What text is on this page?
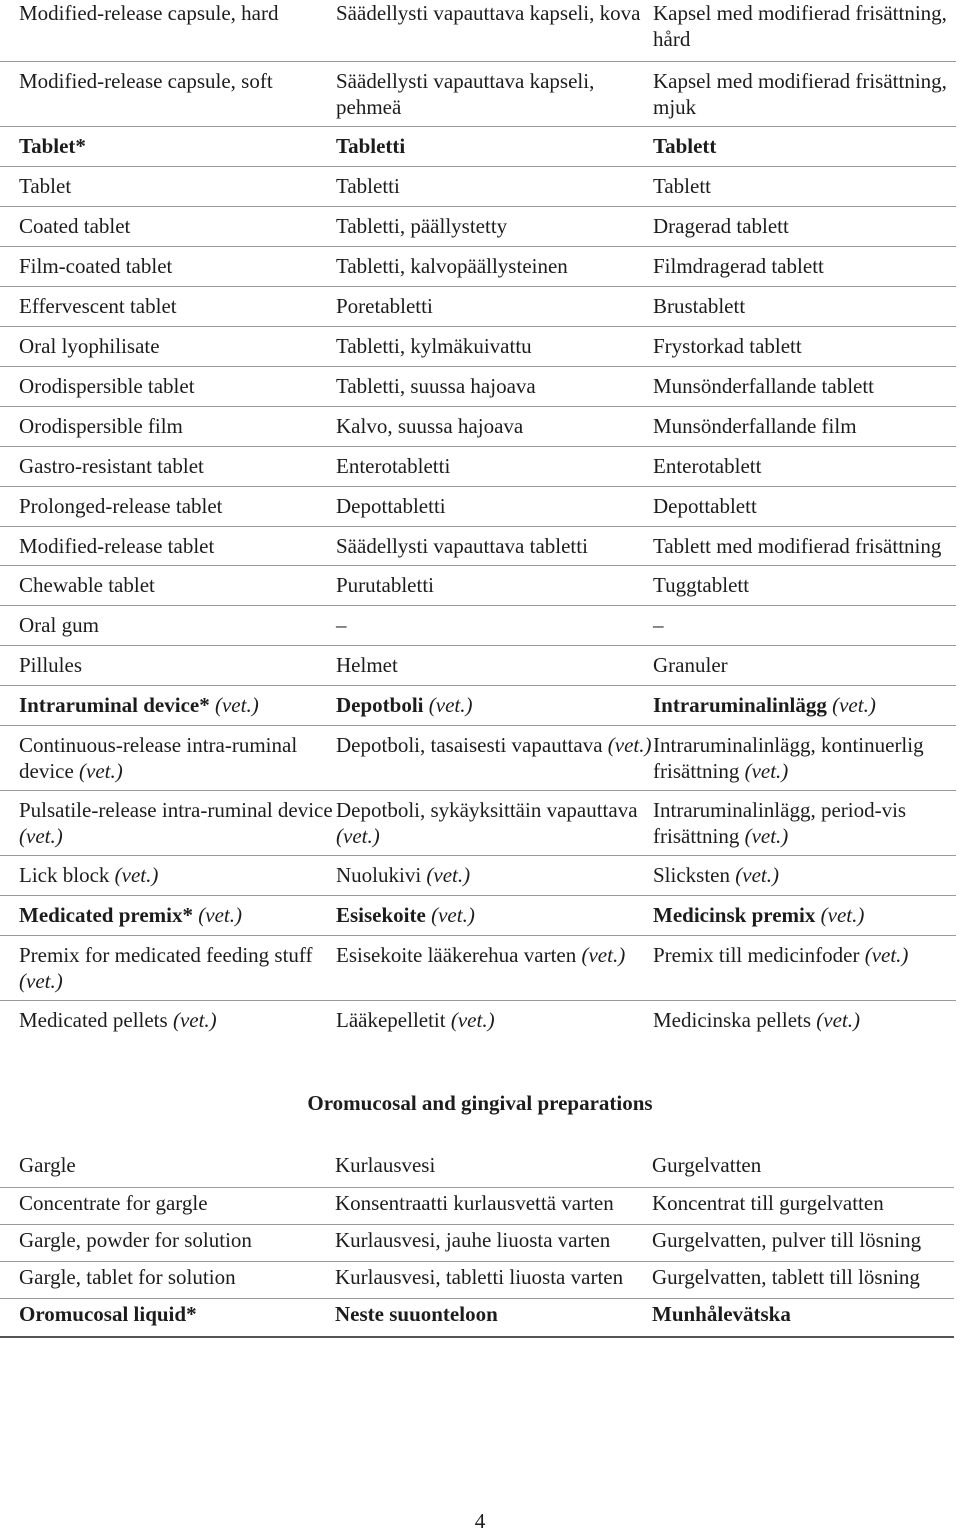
Modified-release capsule, hard	Säädellysti vapauttava kapseli, kova	Kapsel med modifierad frisättning, hård
Modified-release capsule, soft	Säädellysti vapauttava kapseli, pehmeä	Kapsel med modifierad frisättning, mjuk
Tablet*	Tabletti	Tablett
Tablet	Tabletti	Tablett
Coated tablet	Tabletti, päällystetty	Dragerad tablett
Film-coated tablet	Tabletti, kalvopäällysteinen	Filmdragerad tablett
Effervescent tablet	Poretabletti	Brustablett
Oral lyophilisate	Tabletti, kylmäkuivattu	Frystorkad tablett
Orodispersible tablet	Tabletti, suussa hajoava	Munsönderfallande tablett
Orodispersible film	Kalvo, suussa hajoava	Munsönderfallande film
Gastro-resistant tablet	Enterotabletti	Enterotablett
Prolonged-release tablet	Depottabletti	Depottablett
Modified-release tablet	Säädellysti vapauttava tabletti	Tablett med modifierad frisättning
Chewable tablet	Purutabletti	Tuggtablett
Oral gum	–	–
Pillules	Helmet	Granuler
Intraruminal device* (vet.)	Depotboli (vet.)	Intraruminalinlägg (vet.)
Continuous-release intra-ruminal device (vet.)	Depotboli, tasaisesti vapauttava (vet.)	Intraruminalinlägg, kontinuerlig frisättning (vet.)
Pulsatile-release intra-ruminal device (vet.)	Depotboli, sykäyksittäin vapauttava (vet.)	Intraruminalinlägg, period-vis frisättning (vet.)
Lick block (vet.)	Nuolukivi (vet.)	Slicksten (vet.)
Medicated premix* (vet.)	Esisekoite (vet.)	Medicinsk premix (vet.)
Premix for medicated feeding stuff (vet.)	Esisekoite lääkerehua varten (vet.)	Premix till medicinfoder (vet.)
Medicated pellets (vet.)	Lääkepelletit (vet.)	Medicinska pellets (vet.)
Oromucosal and gingival preparations
Gargle	Kurlausvesi	Gurgelvatten
Concentrate for gargle	Konsentraatti kurlausvettä varten	Koncentrat till gurgelvatten
Gargle, powder for solution	Kurlausvesi, jauhe liuosta varten	Gurgelvatten, pulver till lösning
Gargle, tablet for solution	Kurlausvesi, tabletti liuosta varten	Gurgelvatten, tablett till lösning
Oromucosal liquid*	Neste suuonteloon	Munhålevätska
4
